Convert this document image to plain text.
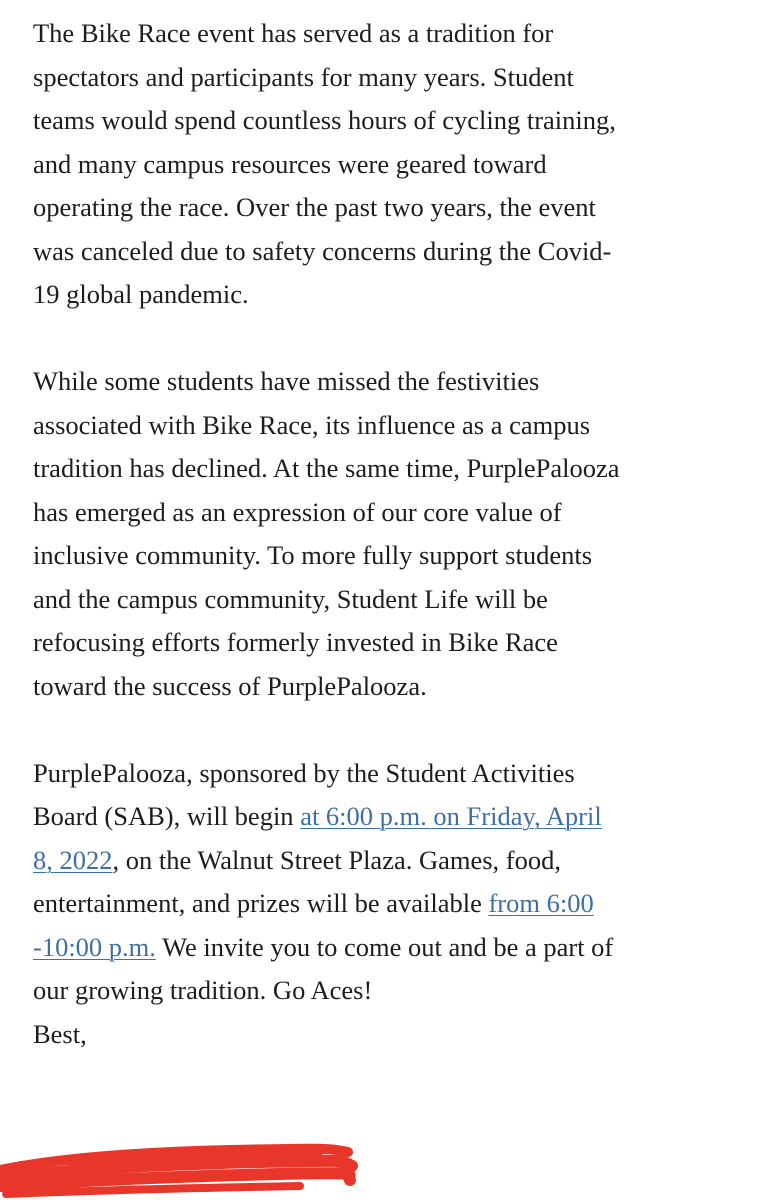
The Bike Race event has served as a tradition for
spectators and participants for many years. Student
teams would spend countless hours of cycling training,
and many campus resources were geared toward
operating the race. Over the past two years, the event
was canceled due to safety concerns during the Covid-
19 global pandemic.

While some students have missed the festivities
associated with Bike Race, its influence as a campus
tradition has declined. At the same time, PurplePalooza
has emerged as an expression of our core value of
inclusive community. To more fully support students
and the campus community, Student Life will be
refocusing efforts formerly invested in Bike Race
toward the success of PurplePalooza.

PurplePalooza, sponsored by the Student Activities
Board (SAB), will begin at 6:00 p.m. on Friday, April
8, 2022, on the Walnut Street Plaza. Games, food,
entertainment, and prizes will be available from 6:00
-10:00 p.m. We invite you to come out and be a part of
our growing tradition. Go Aces!

Best,
